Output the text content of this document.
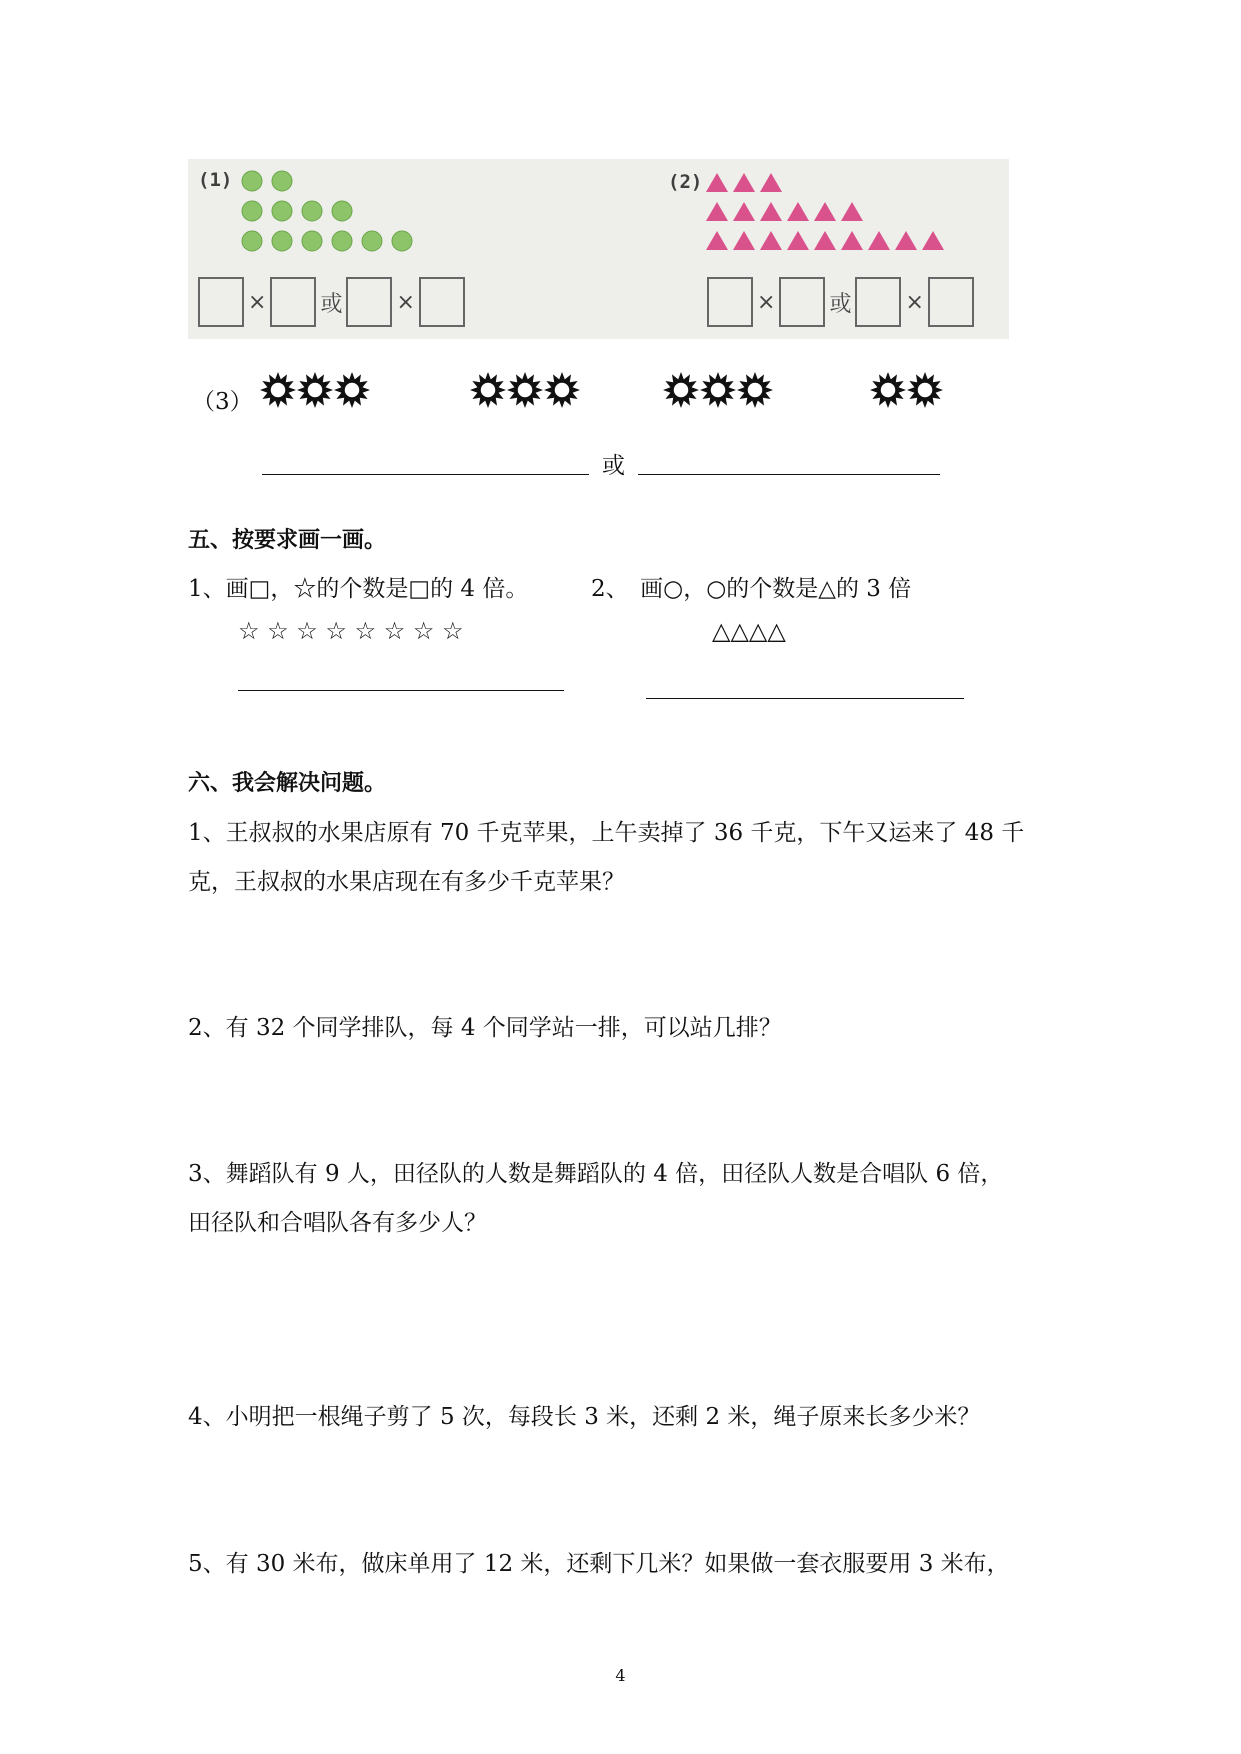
(1)	(2)
× 或 ×	× 或 ×
（3）
或
五、按要求画一画。
1、画□，☆的个数是□的 4 倍。	2、　画○，○的个数是△的 3 倍
☆ ☆ ☆ ☆ ☆ ☆ ☆ ☆	△△△△
六、我会解决问题。
1、王叔叔的水果店原有 70 千克苹果，上午卖掉了 36 千克，下午又运来了 48 千
克，王叔叔的水果店现在有多少千克苹果？
2、有 32 个同学排队，每 4 个同学站一排，可以站几排？
3、舞蹈队有 9 人，田径队的人数是舞蹈队的 4 倍，田径队人数是合唱队 6 倍，
田径队和合唱队各有多少人？
4、小明把一根绳子剪了 5 次，每段长 3 米，还剩 2 米，绳子原来长多少米？
5、有 30 米布，做床单用了 12 米，还剩下几米？如果做一套衣服要用 3 米布，
4
